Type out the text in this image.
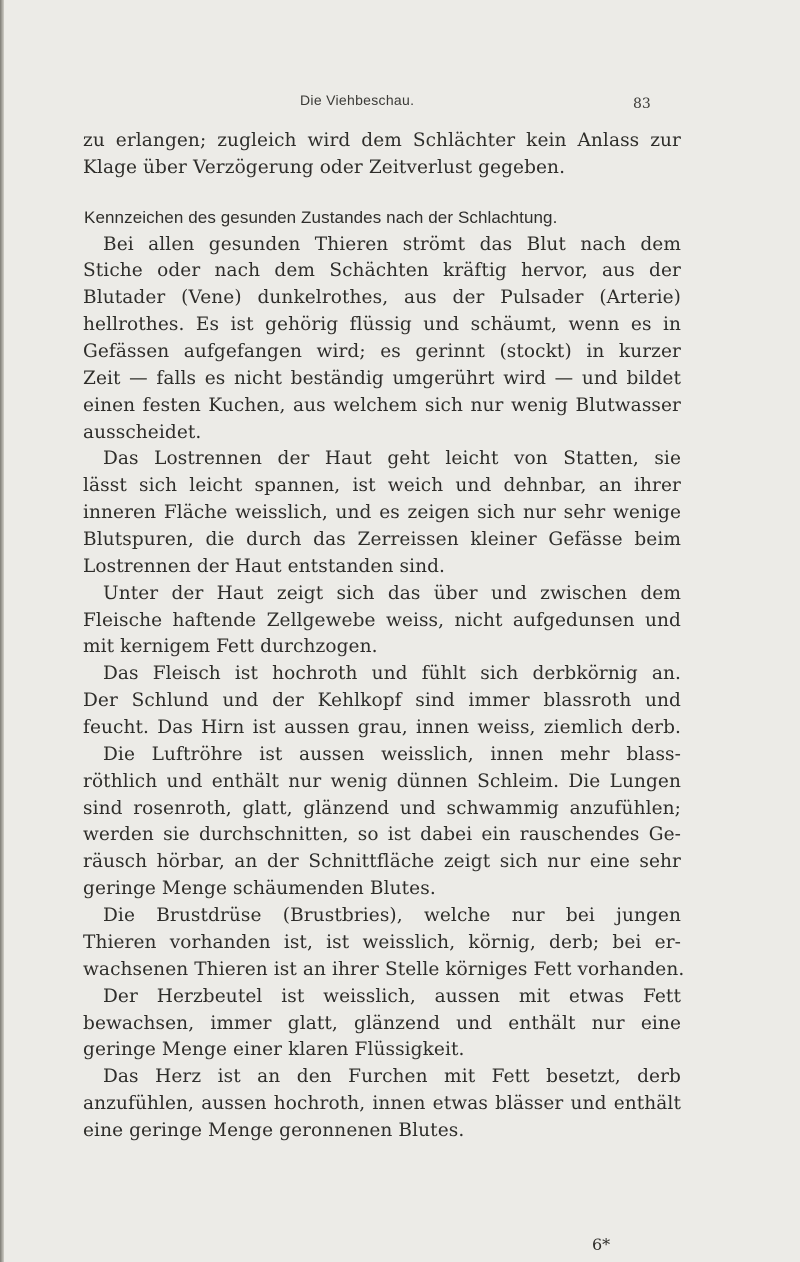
Die Viehbeschau.	83
zu erlangen; zugleich wird dem Schlächter kein Anlass zur
Klage über Verzögerung oder Zeitverlust gegeben.
Kennzeichen des gesunden Zustandes nach der Schlachtung.
Bei allen gesunden Thieren strömt das Blut nach dem
Stiche oder nach dem Schächten kräftig hervor, aus der
Blutader (Vene) dunkelrothes, aus der Pulsader (Arterie)
hellrothes. Es ist gehörig flüssig und schäumt, wenn es in
Gefässen aufgefangen wird; es gerinnt (stockt) in kurzer
Zeit — falls es nicht beständig umgerührt wird — und bildet
einen festen Kuchen, aus welchem sich nur wenig Blutwasser
ausscheidet.
Das Lostrennen der Haut geht leicht von Statten, sie
lässt sich leicht spannen, ist weich und dehnbar, an ihrer
inneren Fläche weisslich, und es zeigen sich nur sehr wenige
Blutspuren, die durch das Zerreissen kleiner Gefässe beim
Lostrennen der Haut entstanden sind.
Unter der Haut zeigt sich das über und zwischen dem
Fleische haftende Zellgewebe weiss, nicht aufgedunsen und
mit kernigem Fett durchzogen.
Das Fleisch ist hochroth und fühlt sich derbkörnig an.
Der Schlund und der Kehlkopf sind immer blassroth und
feucht. Das Hirn ist aussen grau, innen weiss, ziemlich derb.
Die Luftröhre ist aussen weisslich, innen mehr blass-
röthlich und enthält nur wenig dünnen Schleim. Die Lungen
sind rosenroth, glatt, glänzend und schwammig anzufühlen;
werden sie durchschnitten, so ist dabei ein rauschendes Ge-
räusch hörbar, an der Schnittfläche zeigt sich nur eine sehr
geringe Menge schäumenden Blutes.
Die Brustdrüse (Brustbries), welche nur bei jungen
Thieren vorhanden ist, ist weisslich, körnig, derb; bei er-
wachsenen Thieren ist an ihrer Stelle körniges Fett vorhanden.
Der Herzbeutel ist weisslich, aussen mit etwas Fett
bewachsen, immer glatt, glänzend und enthält nur eine
geringe Menge einer klaren Flüssigkeit.
Das Herz ist an den Furchen mit Fett besetzt, derb
anzufühlen, aussen hochroth, innen etwas blässer und enthält
eine geringe Menge geronnenen Blutes.
6*
